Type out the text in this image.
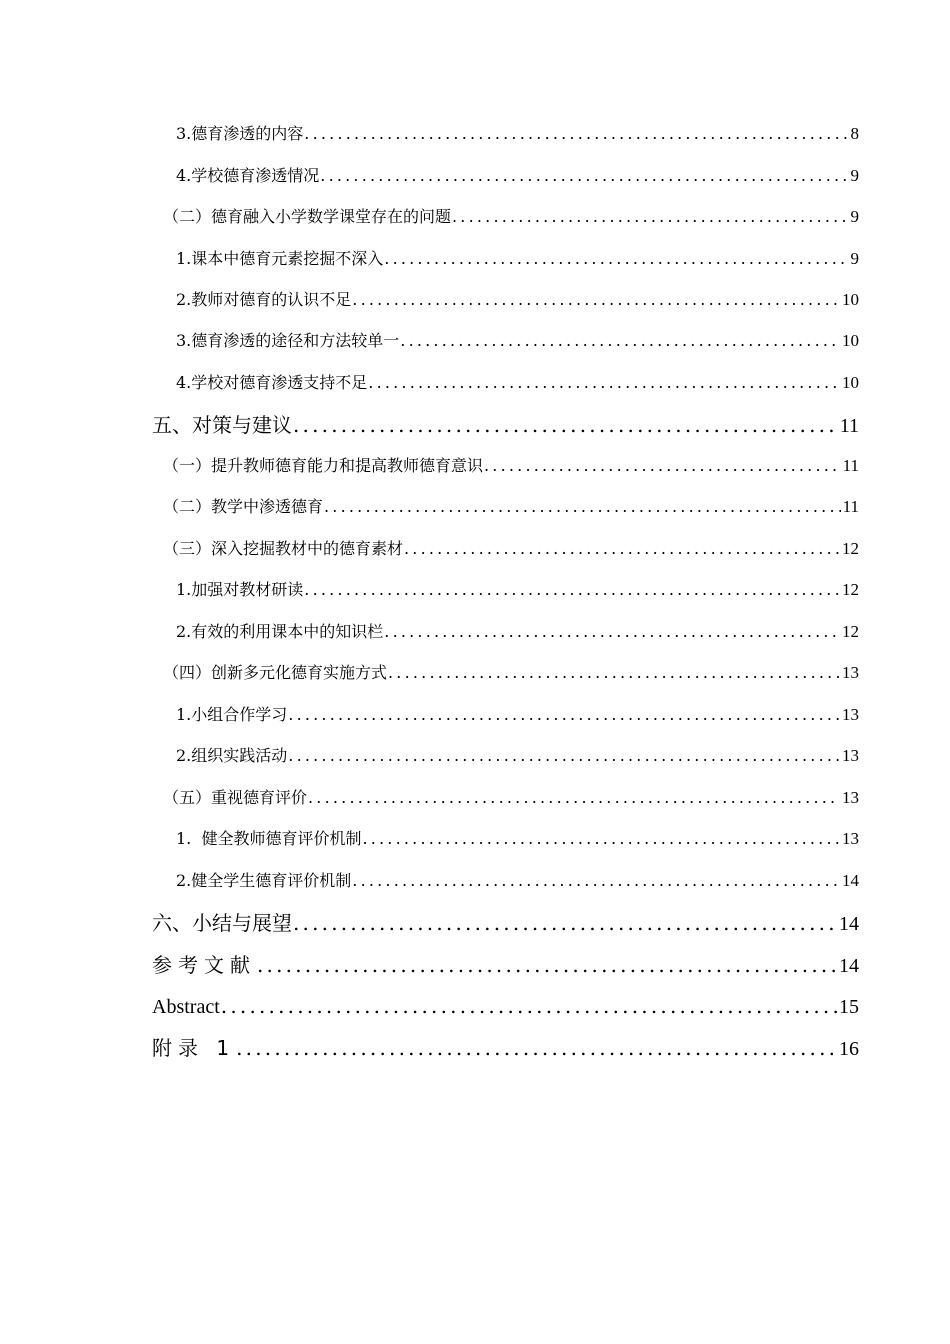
3.德育渗透的内容 .....	8
4.学校德育渗透情况 .....	9
（二）德育融入小学数学课堂存在的问题 .....	9
1.课本中德育元素挖掘不深入 .....	9
2.教师对德育的认识不足 .....	10
3.德育渗透的途径和方法较单一 .....	10
4.学校对德育渗透支持不足 .....	10
五、对策与建议 .....	11
（一）提升教师德育能力和提高教师德育意识 .....	11
（二）教学中渗透德育 .....	11
（三）深入挖掘教材中的德育素材 .....	12
1.加强对教材研读 .....	12
2.有效的利用课本中的知识栏 .....	12
（四）创新多元化德育实施方式 .....	13
1.小组合作学习 .....	13
2.组织实践活动 .....	13
（五）重视德育评价 .....	13
1.  健全教师德育评价机制 .....	13
2.健全学生德育评价机制 .....	14
六、小结与展望 .....	14
参考文献 .....	14
Abstract .....	15
附录 1 .....	16
